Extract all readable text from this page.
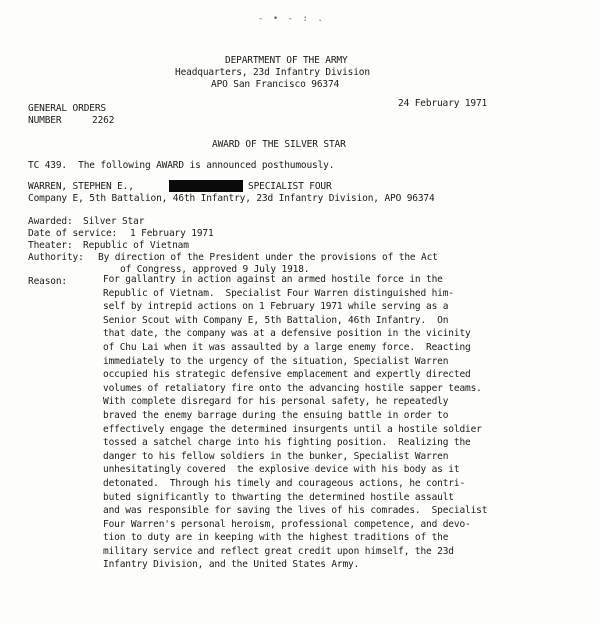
- • - : .
DEPARTMENT OF THE ARMY
Headquarters, 23d Infantry Division
APO San Francisco 96374
GENERAL ORDERS
NUMBER	2262
24 February 1971
AWARD OF THE SILVER STAR
TC 439.  The following AWARD is announced posthumously.
WARREN, STEPHEN E.,	SPECIALIST FOUR
Company E, 5th Battalion, 46th Infantry, 23d Infantry Division, APO 96374
Awarded: Silver Star
Date of service: 1 February 1971
Theater: Republic of Vietnam
Authority: By direction of the President under the provisions of the Act
of Congress, approved 9 July 1918.
Reason:	For gallantry in action against an armed hostile force in the
Republic of Vietnam.  Specialist Four Warren distinguished him-
self by intrepid actions on 1 February 1971 while serving as a
Senior Scout with Company E, 5th Battalion, 46th Infantry.  On
that date, the company was at a defensive position in the vicinity
of Chu Lai when it was assaulted by a large enemy force.  Reacting
immediately to the urgency of the situation, Specialist Warren
occupied his strategic defensive emplacement and expertly directed
volumes of retaliatory fire onto the advancing hostile sapper teams.
With complete disregard for his personal safety, he repeatedly
braved the enemy barrage during the ensuing battle in order to
effectively engage the determined insurgents until a hostile soldier
tossed a satchel charge into his fighting position.  Realizing the
danger to his fellow soldiers in the bunker, Specialist Warren
unhesitatingly covered  the explosive device with his body as it
detonated.  Through his timely and courageous actions, he contri-
buted significantly to thwarting the determined hostile assault
and was responsible for saving the lives of his comrades.  Specialist
Four Warren's personal heroism, professional competence, and devo-
tion to duty are in keeping with the highest traditions of the
military service and reflect great credit upon himself, the 23d
Infantry Division, and the United States Army.
